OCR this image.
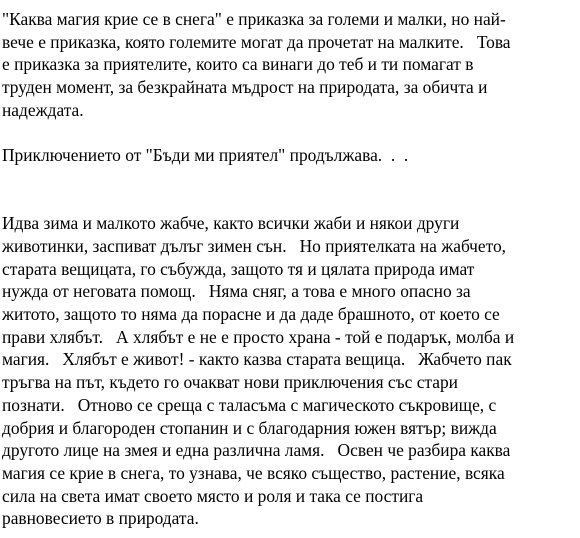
"Каква магия крие се в снега" е приказка за големи и малки, но най-
вече е приказка, която големите могат да прочетат на малките.   Това
е приказка за приятелите, които са винаги до теб и ти помагат в
труден момент, за безкрайната мъдрост на природата, за обичта и
надеждата.

Приключението от "Бъди ми приятел" продължава.  .  .

Идва зима и малкото жабче, както всички жаби и някои други
животинки, заспиват дълъг зимен сън.   Но приятелката на жабчето,
старата вещицата, го събужда, защото тя и цялата природа имат
нужда от неговата помощ.   Няма сняг, а това е много опасно за
житото, защото то няма да порасне и да даде брашното, от което се
прави хлябът.   А хлябът е не е просто храна - той е подарък, молба и
магия.   Хлябът е живот! - както казва старата вещица.   Жабчето пак
тръгва на път, където го очакват нови приключения със стари
познати.   Отново се среща с таласъма с магическото съкровище, с
добрия и благороден стопанин и с благодарния южен вятър; вижда
другото лице на змея и една различна ламя.   Освен че разбира каква
магия се крие в снега, то узнава, че всяко същество, растение, всяка
сила на света имат своето място и роля и така се постига
равновесието в природата.
